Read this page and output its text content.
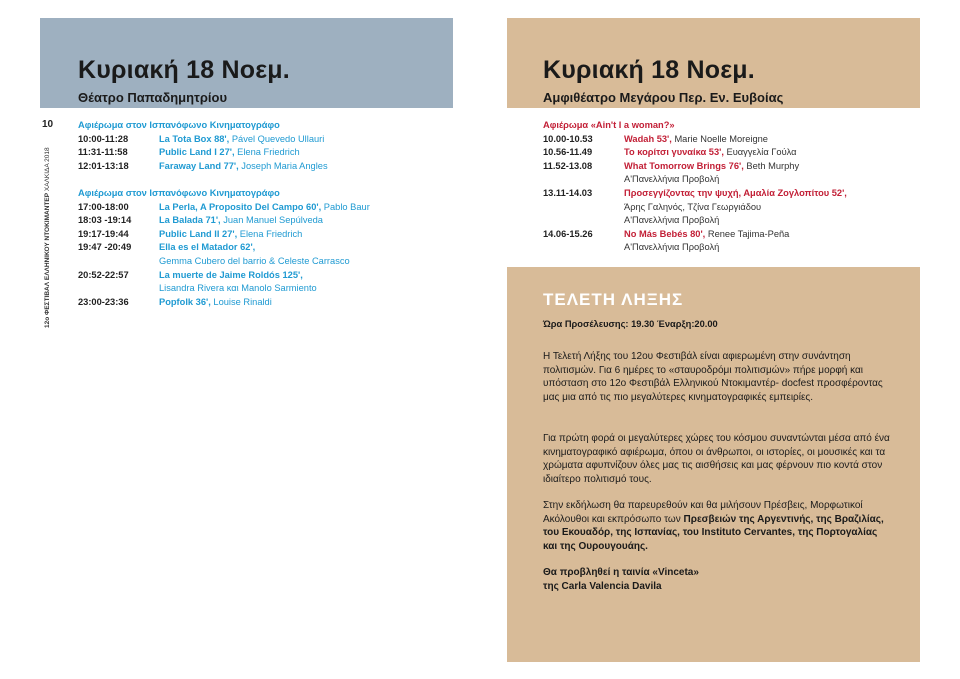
Κυριακή 18 Νοεμ.
Θέατρο Παπαδημητρίου
10
12ο ΦΕΣΤΙΒΑΛ ΕΛΛΗΝΙΚΟΥ ΝΤΟΚΙΜΑΝΤΕΡ ΧΑΛΚΙΔΑ 2018
Αφιέρωμα στον Ισπανόφωνο Κινηματογράφο
10:00-11:28	La Tota Box 88', Pável Quevedo Ullauri
11:31-11:58	Public Land I 27', Elena Friedrich
12:01-13:18	Faraway Land 77', Joseph Maria Angles
Αφιέρωμα στον Ισπανόφωνο Κινηματογράφο
17:00-18:00	La Perla, A Proposito Del Campo 60', Pablo Baur
18:03 -19:14	La Balada 71', Juan Manuel Sepúlveda
19:17-19:44	Public Land II 27', Elena Friedrich
19:47 -20:49	Ella es el Matador 62',
Gemma Cubero del barrio & Celeste Carrasco
20:52-22:57	La muerte de Jaime Roldós 125',
Lisandra Rivera και Manolo Sarmiento
23:00-23:36	Popfolk 36', Louise Rinaldi
Κυριακή 18 Νοεμ.
Αμφιθέατρο Μεγάρου Περ. Εν. Ευβοίας
Αφιέρωμα «Ain't I a woman?»
10.00-10.53	Wadah 53', Marie Noelle Moreigne
10.56-11.49	Το κορίτσι γυναίκα 53', Ευαγγελία Γούλα
11.52-13.08	What Tomorrow Brings 76', Beth Murphy
Α'Πανελλήνια Προβολή
13.11-14.03	Προσεγγίζοντας την ψυχή, Αμαλία Ζογλοπίτου 52',
Άρης Γαληνός, Τζίνα Γεωργιάδου
Α'Πανελλήνια Προβολή
14.06-15.26	No Más Bebés 80', Renee Tajima-Peña
Α'Πανελλήνια Προβολή
ΤΕΛΕΤΗ ΛΗΞΗΣ
Ώρα Προσέλευσης: 19.30 Έναρξη:20.00
Η Τελετή Λήξης του 12ου Φεστιβάλ είναι αφιερωμένη στην συνάντηση πολιτισμών. Για 6 ημέρες το «σταυροδρόμι πολιτισμών» πήρε μορφή και υπόσταση στο 12ο Φεστιβάλ Ελληνικού Ντοκιμαντέρ- docfest προσφέροντας μας μια από τις πιο μεγαλύτερες κινηματογραφικές εμπειρίες.
Για πρώτη φορά οι μεγαλύτερες χώρες του κόσμου συναντώνται μέσα από ένα κινηματογραφικό αφιέρωμα, όπου οι άνθρωποι, οι ιστορίες, οι μουσικές και τα χρώματα αφυπνίζουν όλες μας τις αισθήσεις και μας φέρνουν πιο κοντά στον ιδιαίτερο πολιτισμό τους.
Στην εκδήλωση θα παρευρεθούν και θα μιλήσουν Πρέσβεις, Μορφωτικοί Ακόλουθοι και εκπρόσωπο των Πρεσβειών της Αργεντινής, της Βραζιλίας, του Εκουαδόρ, της Ισπανίας, του Instituto Cervantes, της Πορτογαλίας και της Ουρουγουάης.
Θα προβληθεί η ταινία «Vinceta»
της Carla Valencia Davila
